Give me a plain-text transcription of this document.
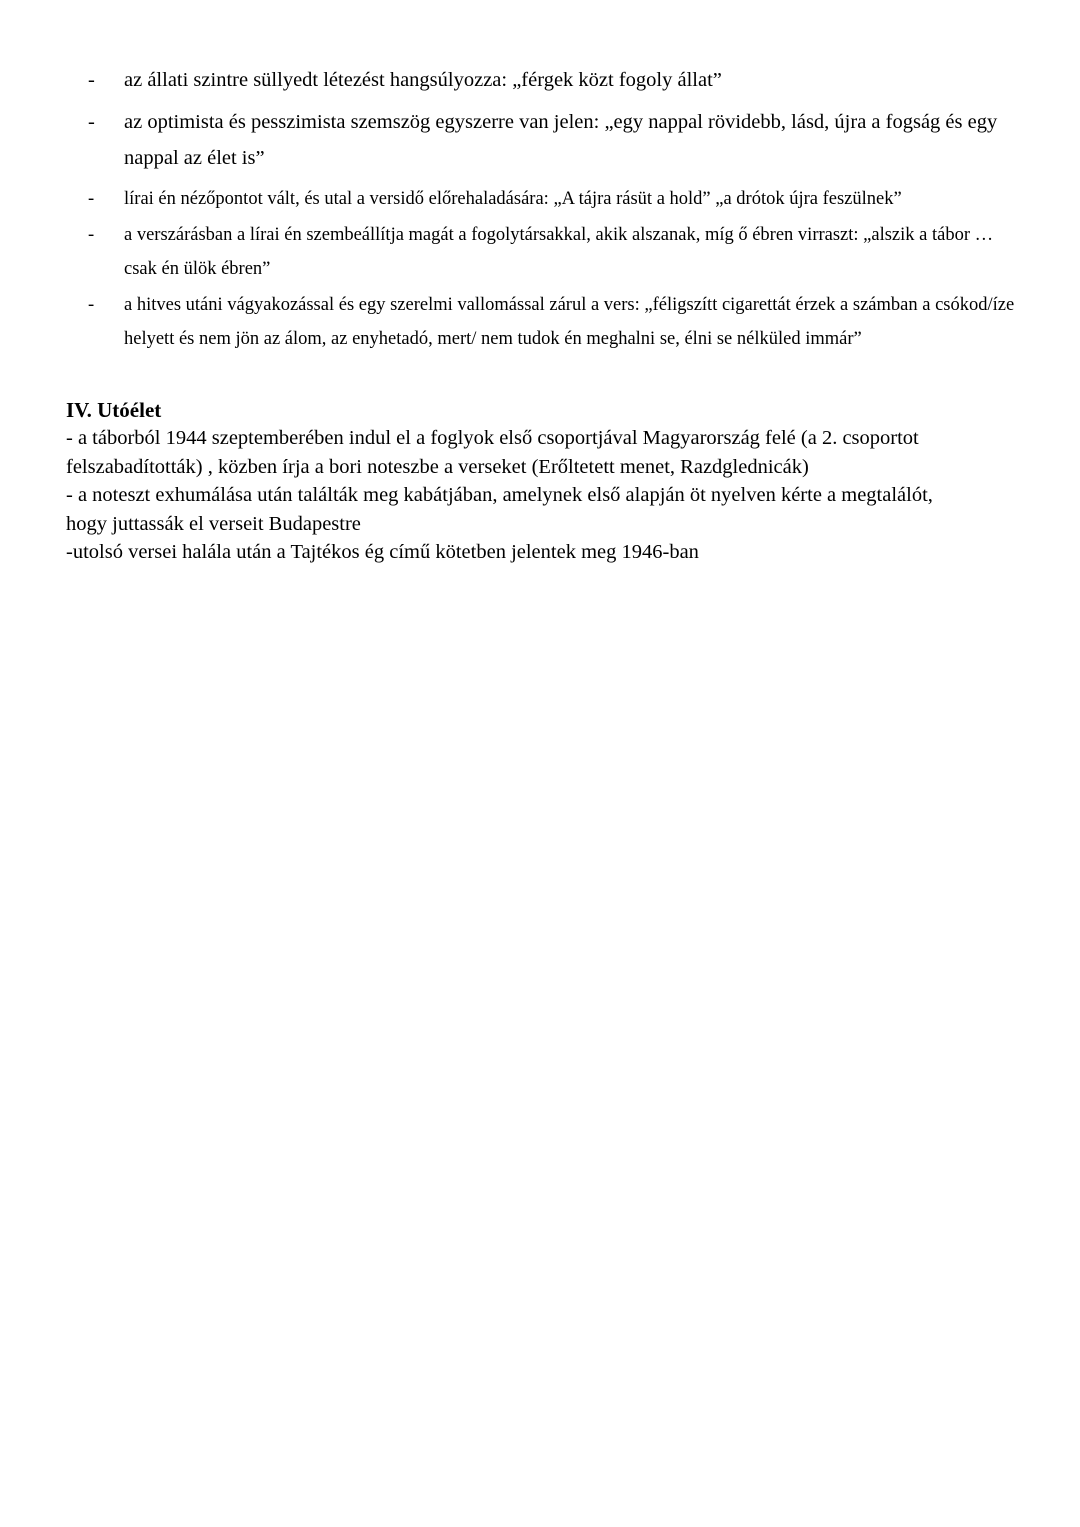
- az állati szintre süllyedt létezést hangsúlyozza: „férgek közt fogoly állat”
- az optimista és pesszimista szemszög egyszerre van jelen: „egy nappal rövidebb, lásd, újra a fogság és egy nappal az élet is”
- lírai én nézőpontot vált, és utal a versidő előrehaladására: „A tájra rásüt a hold” „a drótok újra feszülnek”
- a verszárásban a lírai én szembeállítja magát a fogolytársakkal, akik alszanak, míg ő ébren virraszt: „alszik a tábor … csak én ülök ébren”
- a hitves utáni vágyakozással és egy szerelmi vallomással zárul a vers: „féligszítt cigarettát érzek a számban a csókod/íze helyett és nem jön az álom, az enyhetadó, mert/ nem tudok én meghalni se, élni se nélküled immár”

IV. Utóélet

- a táborból 1944 szeptemberében indul el a foglyok első csoportjával Magyarország felé (a 2. csoportot

felszabadították) , közben írja a bori noteszbe a verseket (Erőltetett menet, Razdglednicák)

- a noteszt exhumálása után találták meg kabátjában, amelynek első alapján öt nyelven kérte a megtalálót,

hogy juttassák el verseit Budapestre

-utolsó versei halála után a Tajtékos ég című kötetben jelentek meg 1946-ban
